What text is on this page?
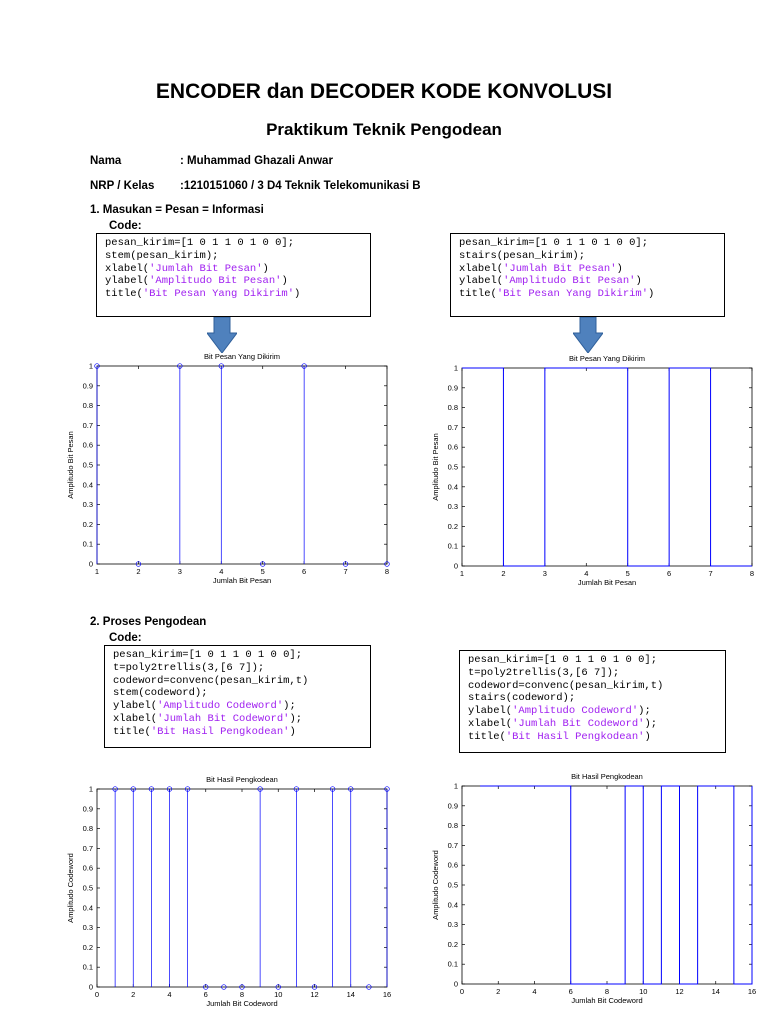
ENCODER dan DECODER KODE KONVOLUSI
Praktikum Teknik Pengodean
Nama	: Muhammad Ghazali Anwar
NRP / Kelas :1210151060 / 3 D4 Teknik Telekomunikasi B
1. Masukan = Pesan = Informasi
Code:
pesan_kirim=[1 0 1 1 0 1 0 0];
stem(pesan_kirim);
xlabel('Jumlah Bit Pesan')
ylabel('Amplitudo Bit Pesan')
title('Bit Pesan Yang Dikirim')
pesan_kirim=[1 0 1 1 0 1 0 0];
stairs(pesan_kirim);
xlabel('Jumlah Bit Pesan')
ylabel('Amplitudo Bit Pesan')
title('Bit Pesan Yang Dikirim')
2. Proses Pengodean
Code:
pesan_kirim=[1 0 1 1 0 1 0 0];
t=poly2trellis(3,[6 7]);
codeword=convenc(pesan_kirim,t)
stem(codeword);
ylabel('Amplitudo Codeword');
xlabel('Jumlah Bit Codeword');
title('Bit Hasil Pengkodean')
pesan_kirim=[1 0 1 1 0 1 0 0];
t=poly2trellis(3,[6 7]);
codeword=convenc(pesan_kirim,t)
stairs(codeword);
ylabel('Amplitudo Codeword');
xlabel('Jumlah Bit Codeword');
title('Bit Hasil Pengkodean')
Bit Pesan Yang Dikirim
0
0.1
0.2
0.3
0.4
0.5
0.6
0.7
0.8
0.9
1
1	2	3	4	5	6	7	8
Jumlah Bit Pesan
Amplitudo Bit Pesan
Bit Pesan Yang Dikirim
0
0.1
0.2
0.3
0.4
0.5
0.6
0.7
0.8
0.9
1
1	2	3	4	5	6	7	8
Jumlah Bit Pesan
Amplitudo Bit Pesan
Bit Hasil Pengkodean
0
0.1
0.2
0.3
0.4
0.5
0.6
0.7
0.8
0.9
1
0	2	4	6	8	10	12	14	16
Jumlah Bit Codeword
Amplitudo Codeword
Bit Hasil Pengkodean
0
0.1
0.2
0.3
0.4
0.5
0.6
0.7
0.8
0.9
1
0	2	4	6	8	10	12	14	16
Jumlah Bit Codeword
Amplitudo Codeword
